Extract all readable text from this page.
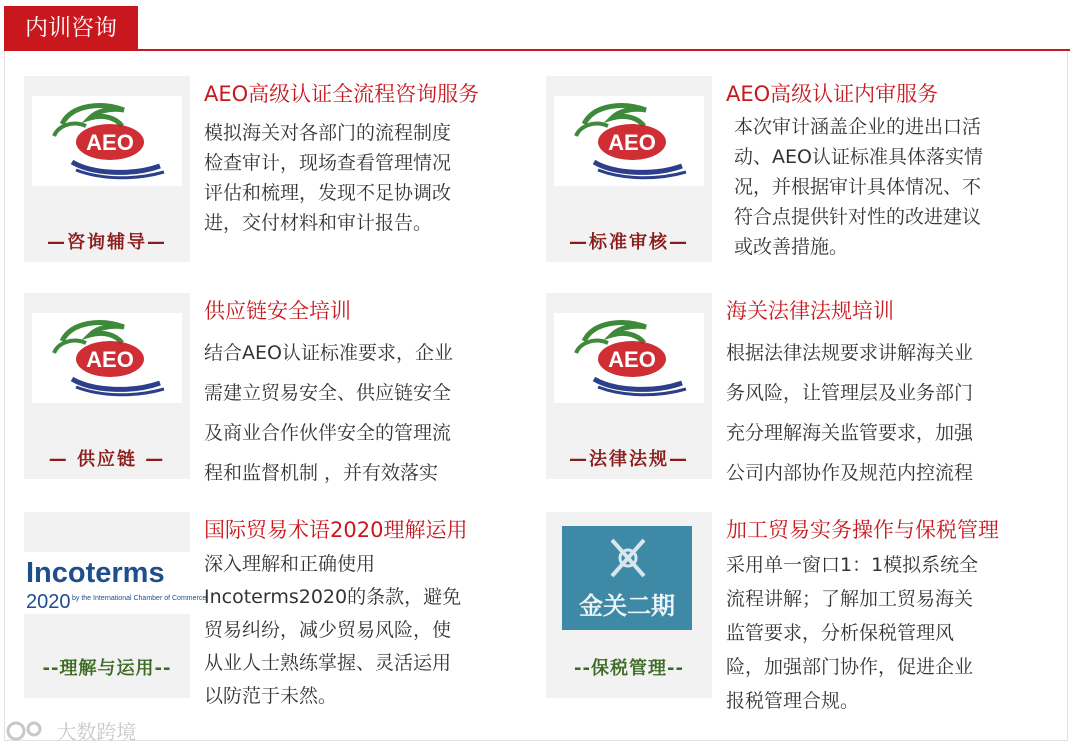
内训咨询
AEO
—咨询辅导—
AEO高级认证全流程咨询服务
模拟海关对各部门的流程制度
检查审计，现场查看管理情况
评估和梳理，发现不足协调改
进，交付材料和审计报告。
AEO
—标准审核—
AEO高级认证内审服务
本次审计涵盖企业的进出口活
动、AEO认证标准具体落实情
况，并根据审计具体情况、不
符合点提供针对性的改进建议
或改善措施。
AEO
— 供应链 —
供应链安全培训
结合AEO认证标准要求，企业
需建立贸易安全、供应链安全
及商业合作伙伴安全的管理流
程和监督机制 ，并有效落实
AEO
—法律法规—
海关法律法规培训
根据法律法规要求讲解海关业
务风险，让管理层及业务部门
充分理解海关监管要求，加强
公司内部协作及规范内控流程
Incoterms
2020 by the International Chamber of Commerce
--理解与运用--
国际贸易术语2020理解运用
深入理解和正确使用
Incoterms2020的条款，避免
贸易纠纷，减少贸易风险，使
从业人士熟练掌握、灵活运用
以防范于未然。
金关二期
--保税管理--
加工贸易实务操作与保税管理
采用单一窗口1：1模拟系统全
流程讲解；了解加工贸易海关
监管要求，分析保税管理风
险，加强部门协作，促进企业
报税管理合规。
大数跨境
